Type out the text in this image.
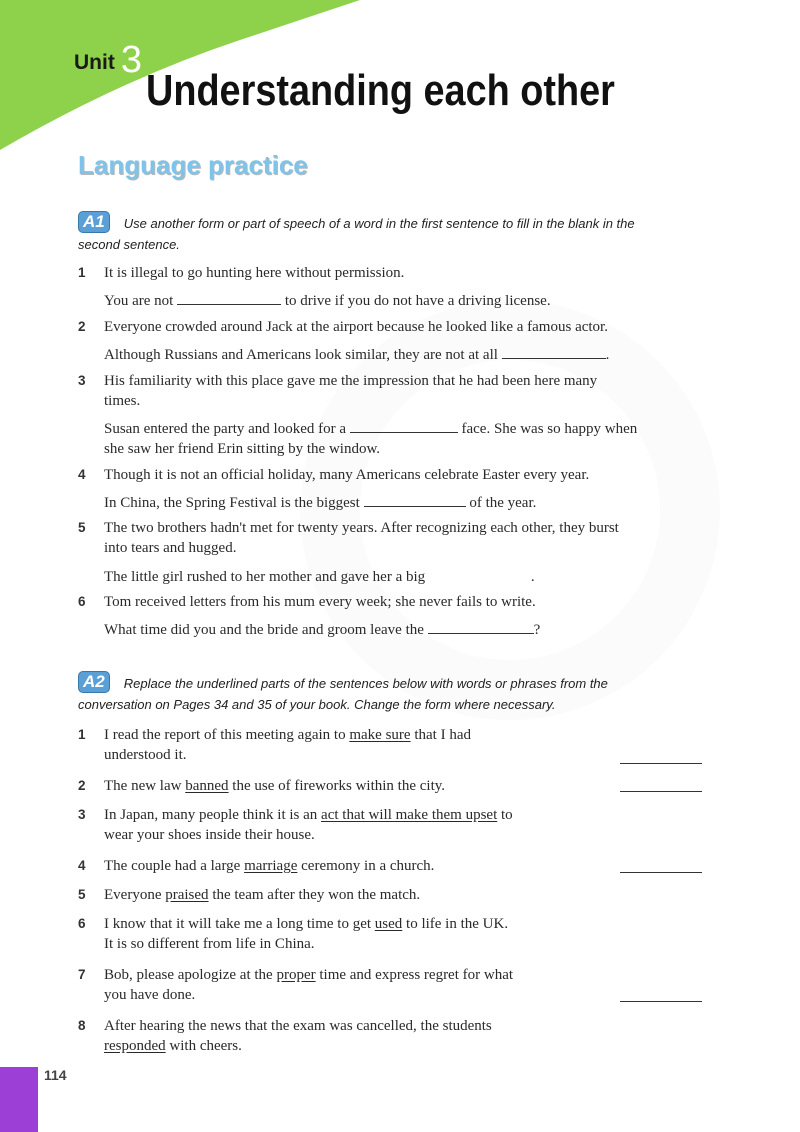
Unit 3
Understanding each other
Language practice
A1 Use another form or part of speech of a word in the first sentence to fill in the blank in the
second sentence.
1 It is illegal to go hunting here without permission.
You are not	to drive if you do not have a driving license.
2 Everyone crowded around Jack at the airport because he looked like a famous actor.
Although Russians and Americans look similar, they are not at all	.
3 His familiarity with this place gave me the impression that he had been here many
times.
Susan entered the party and looked for a	face. She was so happy when
she saw her friend Erin sitting by the window.
4 Though it is not an official holiday, many Americans celebrate Easter every year.
In China, the Spring Festival is the biggest	of the year.
5 The two brothers hadn't met for twenty years. After recognizing each other, they burst
into tears and hugged.
The little girl rushed to her mother and gave her a big	.
6 Tom received letters from his mum every week; she never fails to write.
What time did you and the bride and groom leave the	?
A2 Replace the underlined parts of the sentences below with words or phrases from the
conversation on Pages 34 and 35 of your book. Change the form where necessary.
1 I read the report of this meeting again to make sure that I had
understood it.
2 The new law banned the use of fireworks within the city.
3 In Japan, many people think it is an act that will make them upset to
wear your shoes inside their house.
4 The couple had a large marriage ceremony in a church.
5 Everyone praised the team after they won the match.
6 I know that it will take me a long time to get used to life in the UK.
It is so different from life in China.
7 Bob, please apologize at the proper time and express regret for what
you have done.
8 After hearing the news that the exam was cancelled, the students
responded with cheers.
114
